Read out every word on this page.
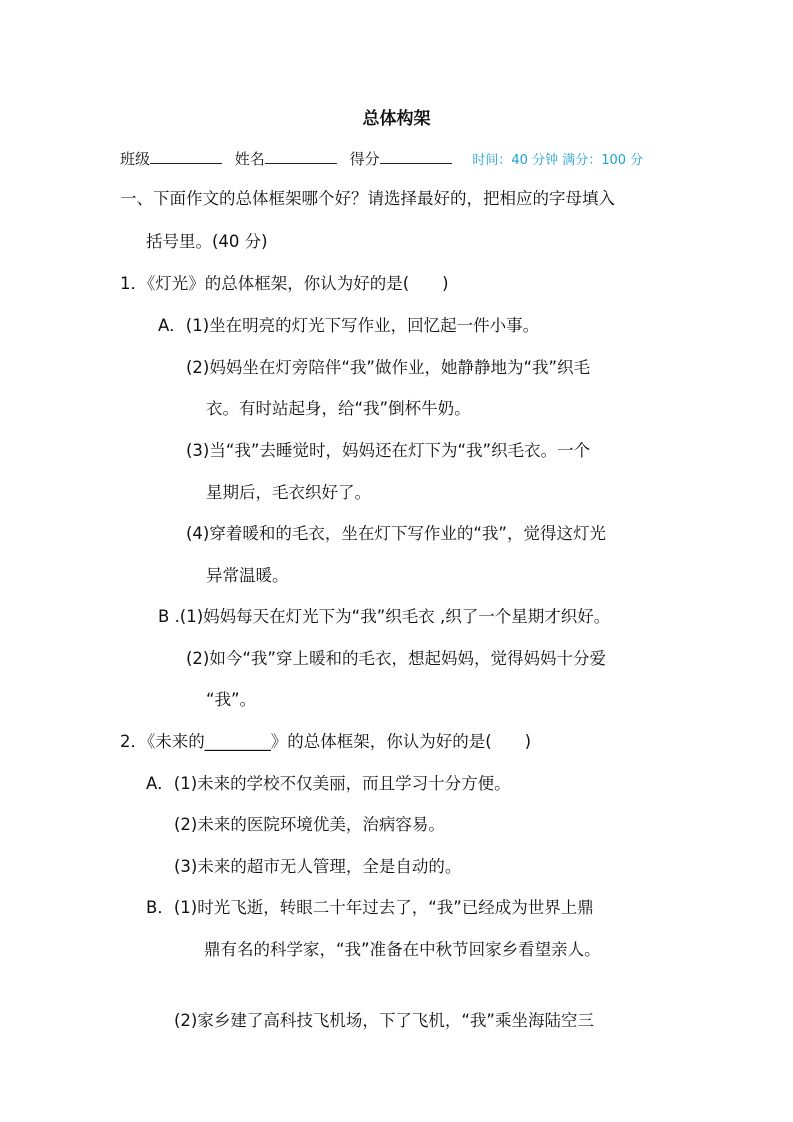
总体构架
班级	姓名	得分	时间：40 分钟 满分：100 分
一、下面作文的总体框架哪个好？请选择最好的，把相应的字母填入
括号里。(40 分)
1．《灯光》的总体框架，你认为好的是(　　)
A．(1)坐在明亮的灯光下写作业，回忆起一件小事。
(2)妈妈坐在灯旁陪伴“我”做作业，她静静地为“我”织毛
衣。有时站起身，给“我”倒杯牛奶。
(3)当“我”去睡觉时，妈妈还在灯下为“我”织毛衣。一个
星期后，毛衣织好了。
(4)穿着暖和的毛衣，坐在灯下写作业的“我”，觉得这灯光
异常温暖。
B .(1)妈妈每天在灯光下为“我”织毛衣 ,织了一个星期才织好。
(2)如今“我”穿上暖和的毛衣，想起妈妈，觉得妈妈十分爱
“我”。
2．《未来的________》的总体框架，你认为好的是(　　)
A．(1)未来的学校不仅美丽，而且学习十分方便。
(2)未来的医院环境优美，治病容易。
(3)未来的超市无人管理，全是自动的。
B．(1)时光飞逝，转眼二十年过去了，“我”已经成为世界上鼎
鼎有名的科学家，“我”准备在中秋节回家乡看望亲人。
(2)家乡建了高科技飞机场，下了飞机，“我”乘坐海陆空三
